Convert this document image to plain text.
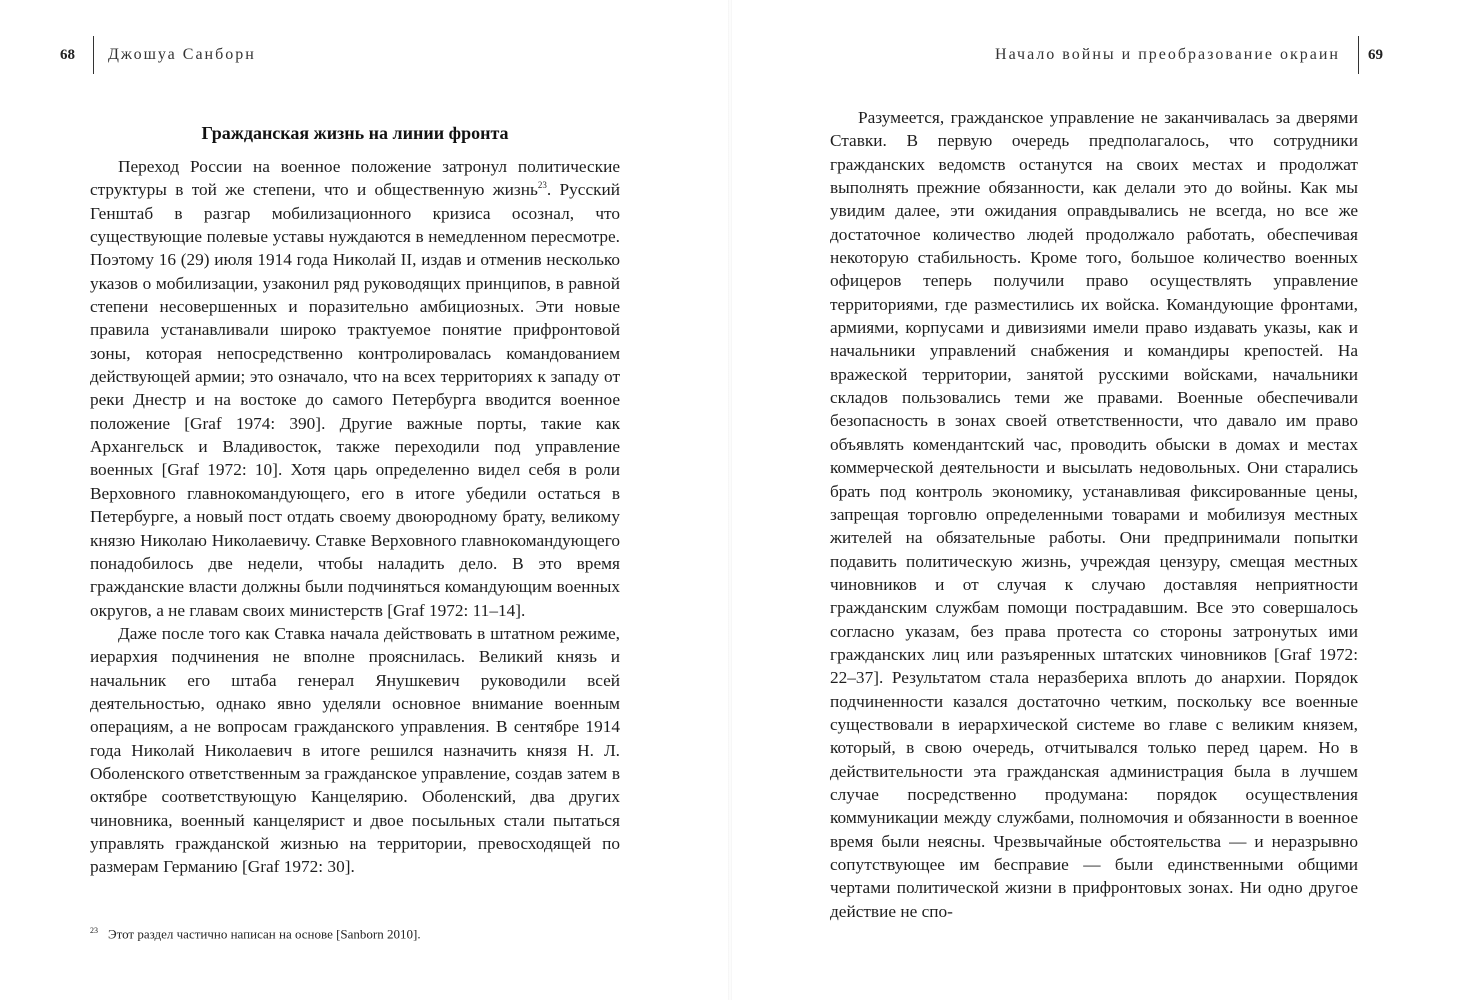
68 Джошуа Санборн
Гражданская жизнь на линии фронта

Переход России на военное положение затронул политические структуры в той же степени, что и общественную жизнь$^{23}$. Русский Генштаб в разгар мобилизационного кризиса осознал, что существующие полевые уставы нуждаются в немедленном пересмотре. Поэтому 16 (29) июля 1914 года Николай II, издав и отменив несколько указов о мобилизации, узаконил ряд руководящих принципов, в равной степени несовершенных и поразительно амбициозных. Эти новые правила устанавливали широко трактуемое понятие прифронтовой зоны, которая непосредственно контролировалась командованием действующей армии; это означало, что на всех территориях к западу от реки Днестр и на востоке до самого Петербурга вводится военное положение [Graf 1974: 390]. Другие важные порты, такие как Архангельск и Владивосток, также переходили под управление военных [Graf 1972: 10]. Хотя царь определенно видел себя в роли Верховного главнокомандующего, его в итоге убедили остаться в Петербурге, а новый пост отдать своему двоюродному брату, великому князю Николаю Николаевичу. Ставке Верховного главнокомандующего понадобилось две недели, чтобы наладить дело. В это время гражданские власти должны были подчиняться командующим военных округов, а не главам своих министерств [Graf 1972: 11–14].

Даже после того как Ставка начала действовать в штатном режиме, иерархия подчинения не вполне прояснилась. Великий князь и начальник его штаба генерал Янушкевич руководили всей деятельностью, однако явно уделяли основное внимание военным операциям, а не вопросам гражданского управления. В сентябре 1914 года Николай Николаевич в итоге решился назначить князя Н. Л. Оболенского ответственным за гражданское управление, создав затем в октябре соответствующую Канцелярию. Оболенский, два других чиновника, военный канцелярист и двое посыльных стали пытаться управлять гражданской жизнью на территории, превосходящей по размерам Германию [Graf 1972: 30].

$^{23}$ Этот раздел частично написан на основе [Sanborn 2010].
Начало войны и преобразование окраин 69

Разумеется, гражданское управление не заканчивалась за дверями Ставки. В первую очередь предполагалось, что сотрудники гражданских ведомств останутся на своих местах и продолжат выполнять прежние обязанности, как делали это до войны. Как мы увидим далее, эти ожидания оправдывались не всегда, но все же достаточное количество людей продолжало работать, обеспечивая некоторую стабильность. Кроме того, большое количество военных офицеров теперь получили право осуществлять управление территориями, где разместились их войска. Командующие фронтами, армиями, корпусами и дивизиями имели право издавать указы, как и начальники управлений снабжения и командиры крепостей. На вражеской территории, занятой русскими войсками, начальники складов пользовались теми же правами. Военные обеспечивали безопасность в зонах своей ответственности, что давало им право объявлять комендантский час, проводить обыски в домах и местах коммерческой деятельности и высылать недовольных. Они старались брать под контроль экономику, устанавливая фиксированные цены, запрещая торговлю определенными товарами и мобилизуя местных жителей на обязательные работы. Они предпринимали попытки подавить политическую жизнь, учреждая цензуру, смещая местных чиновников и от случая к случаю доставляя неприятности гражданским службам помощи пострадавшим. Все это совершалось согласно указам, без права протеста со стороны затронутых ими гражданских лиц или разъяренных штатских чиновников [Graf 1972: 22–37]. Результатом стала неразбериха вплоть до анархии. Порядок подчиненности казался достаточно четким, поскольку все военные существовали в иерархической системе во главе с великим князем, который, в свою очередь, отчитывался только перед царем. Но в действительности эта гражданская администрация была в лучшем случае посредственно продумана: порядок осуществления коммуникации между службами, полномочия и обязанности в военное время были неясны. Чрезвычайные обстоятельства — и неразрывно сопутствующее им бесправие — были единственными общими чертами политической жизни в прифронтовых зонах. Ни одно другое действие не спо-
